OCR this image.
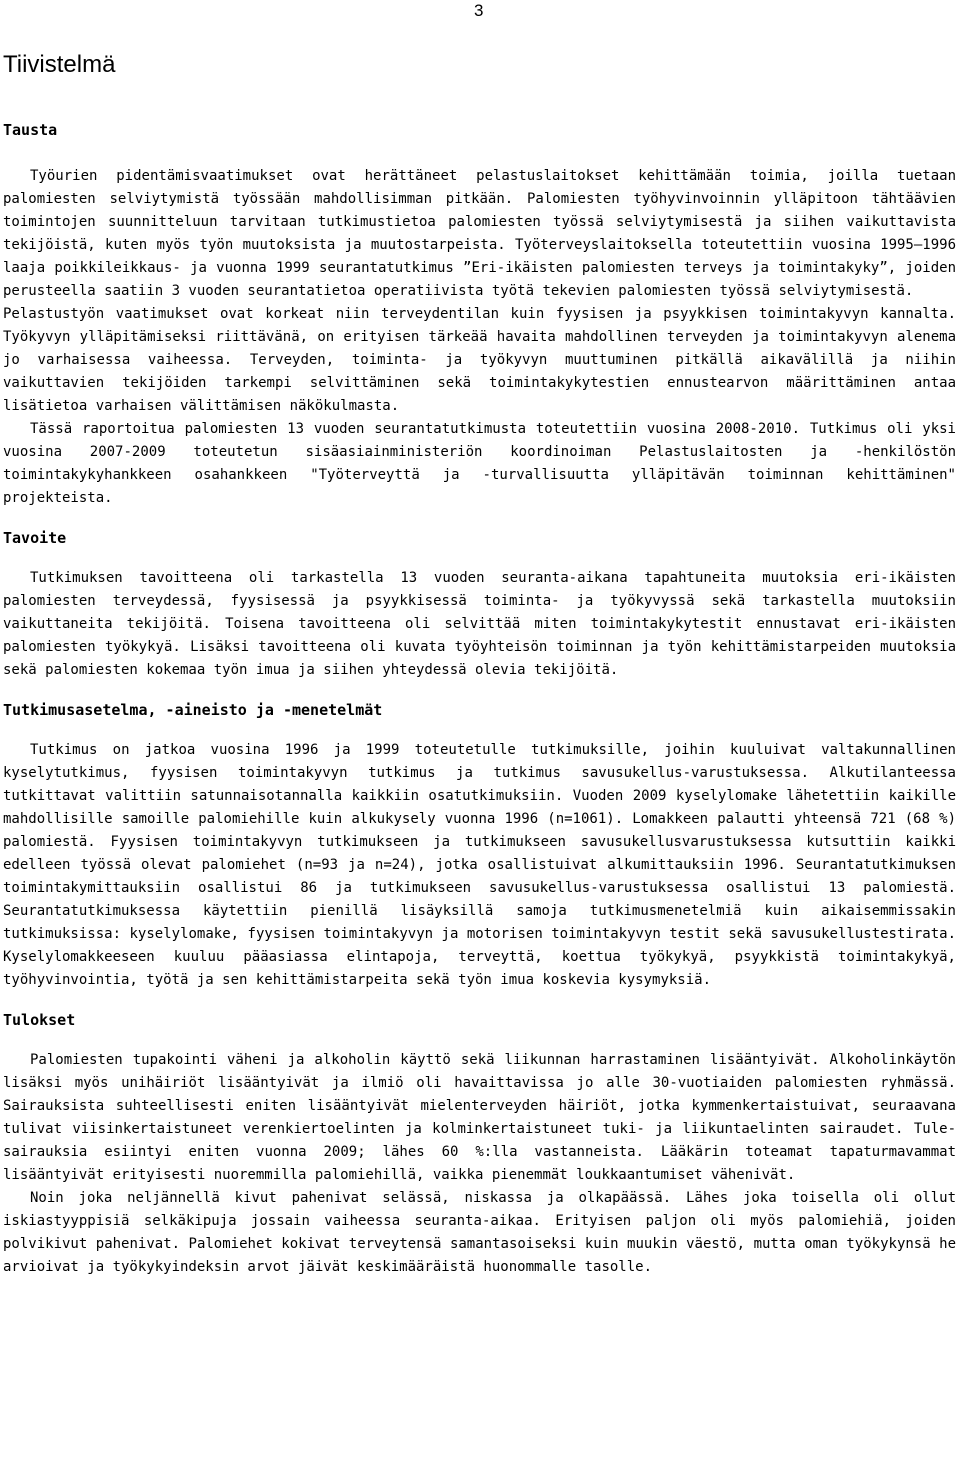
3
Tiivistelmä
Tausta

Työurien pidentämisvaatimukset ovat herättäneet pelastuslaitokset kehittämään toimia, joilla tuetaan palomiesten selviytymistä työssään mahdollisimman pitkään. Palomiesten työhyvinvoinnin ylläpitoon tähtäävien toimintojen suunnitteluun tarvitaan tutkimustietoa palomiesten työssä selviytymisestä ja siihen vaikuttavista tekijöistä, kuten myös työn muutoksista ja muutostarpeista. Työterveyslaitoksella toteutettiin vuosina 1995–1996 laaja poikkileikkaus- ja vuonna 1999 seurantatutkimus ”Eri-ikäisten palomiesten terveys ja toimintakyky”, joiden perusteella saatiin 3 vuoden seurantatietoa operatiivista työtä tekevien palomiesten työssä selviytymisestä.

Pelastustyön vaatimukset ovat korkeat niin terveydentilan kuin fyysisen ja psyykkisen toimintakyvyn kannalta. Työkyvyn ylläpitämiseksi riittävänä, on erityisen tärkeää havaita mahdollinen terveyden ja toimintakyvyn alenema jo varhaisessa vaiheessa. Terveyden, toiminta- ja työkyvyn muuttuminen pitkällä aikavälillä ja niihin vaikuttavien tekijöiden tarkempi selvittäminen sekä toimintakykytestien ennustearvon määrittäminen antaa lisätietoa varhaisen välittämisen näkökulmasta.

Tässä raportoitua palomiesten 13 vuoden seurantatutkimusta toteutettiin vuosina 2008-2010. Tutkimus oli yksi vuosina 2007-2009 toteutetun sisäasiainministeriön koordinoiman Pelastuslaitosten ja -henkilöstön toimintakykyhankkeen osahankkeen "Työterveyttä ja -turvallisuutta ylläpitävän toiminnan kehittäminen" projekteista.

Tavoite

Tutkimuksen tavoitteena oli tarkastella 13 vuoden seuranta-aikana tapahtuneita muutoksia eri-ikäisten palomiesten terveydessä, fyysisessä ja psyykkisessä toiminta- ja työkyvyssä sekä tarkastella muutoksiin vaikuttaneita tekijöitä. Toisena tavoitteena oli selvittää miten toimintakykytestit ennustavat eri-ikäisten palomiesten työkykyä. Lisäksi tavoitteena oli kuvata työyhteisön toiminnan ja työn kehittämistarpeiden muutoksia sekä palomiesten kokemaa työn imua ja siihen yhteydessä olevia tekijöitä.

Tutkimusasetelma, -aineisto ja -menetelmät

Tutkimus on jatkoa vuosina 1996 ja 1999 toteutetulle tutkimuksille, joihin kuuluivat valtakunnallinen kyselytutkimus, fyysisen toimintakyvyn tutkimus ja tutkimus savusukellus-varustuksessa. Alkutilanteessa tutkittavat valittiin satunnaisotannalla kaikkiin osatutkimuksiin. Vuoden 2009 kyselylomake lähetettiin kaikille mahdollisille samoille palomiehille kuin alkukysely vuonna 1996 (n=1061). Lomakkeen palautti yhteensä 721 (68 %) palomiestä. Fyysisen toimintakyvyn tutkimukseen ja tutkimukseen savusukellusvarustuksessa kutsuttiin kaikki edelleen työssä olevat palomiehet (n=93 ja n=24), jotka osallistuivat alkumittauksiin 1996. Seurantatutkimuksen toimintakymittauksiin osallistui 86 ja tutkimukseen savusukellus-varustuksessa osallistui 13 palomiestä. Seurantatutkimuksessa käytettiin pienillä lisäyksillä samoja tutkimusmenetelmiä kuin aikaisemmissakin tutkimuksissa: kyselylomake, fyysisen toimintakyvyn ja motorisen toimintakyvyn testit sekä savusukellustestirata. Kyselylomakkeeseen kuuluu pääasiassa elintapoja, terveyttä, koettua työkykyä, psyykkistä toimintakykyä, työhyvinvointia, työtä ja sen kehittämistarpeita sekä työn imua koskevia kysymyksiä.

Tulokset

Palomiesten tupakointi väheni ja alkoholin käyttö sekä liikunnan harrastaminen lisääntyivät. Alkoholinkäytön lisäksi myös unihäiriöt lisääntyivät ja ilmiö oli havaittavissa jo alle 30-vuotiaiden palomiesten ryhmässä. Sairauksista suhteellisesti eniten lisääntyivät mielenterveyden häiriöt, jotka kymmenkertaistuivat, seuraavana tulivat viisinkertaistuneet verenkiertoelinten ja kolminkertaistuneet tuki- ja liikuntaelinten sairaudet. Tule-sairauksia esiintyi eniten vuonna 2009; lähes 60 %:lla vastanneista. Lääkärin toteamat tapaturmavammat lisääntyivät erityisesti nuoremmilla palomiehillä, vaikka pienemmät loukkaantumiset vähenivät.

Noin joka neljännellä kivut pahenivat selässä, niskassa ja olkapäässä. Lähes joka toisella oli ollut iskiastyyppisiä selkäkipuja jossain vaiheessa seuranta-aikaa. Erityisen paljon oli myös palomiehiä, joiden polvikivut pahenivat. Palomiehet kokivat terveytensä samantasoiseksi kuin muukin väestö, mutta oman työkykynsä he arvioivat ja työkykyindeksin arvot jäivät keskimääräistä huonommalle tasolle.
